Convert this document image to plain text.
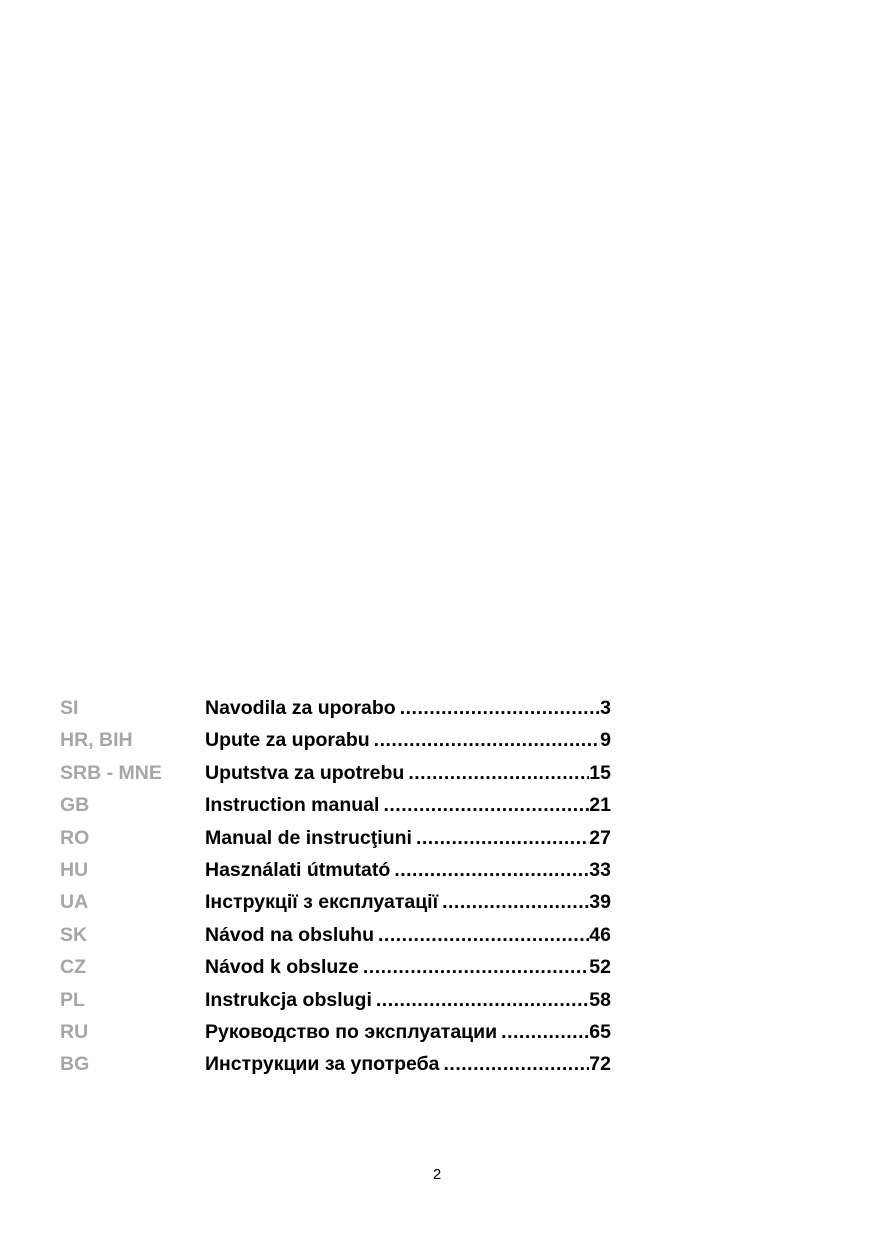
SI	Navodila za uporabo .....	3
HR, BIH	Upute za uporabu .....	9
SRB - MNE	Uputstva za upotrebu .....	15
GB	Instruction manual .....	21
RO	Manual de instrucţiuni .....	27
HU	Használati útmutató .....	33
UA	Інструкції з експлуатації .....	39
SK	Návod na obsluhu .....	46
CZ	Návod k obsluze .....	52
PL	Instrukcja obslugi .....	58
RU	Руководство по эксплуатации .....	65
BG	Инструкции за употреба .....	72
2
